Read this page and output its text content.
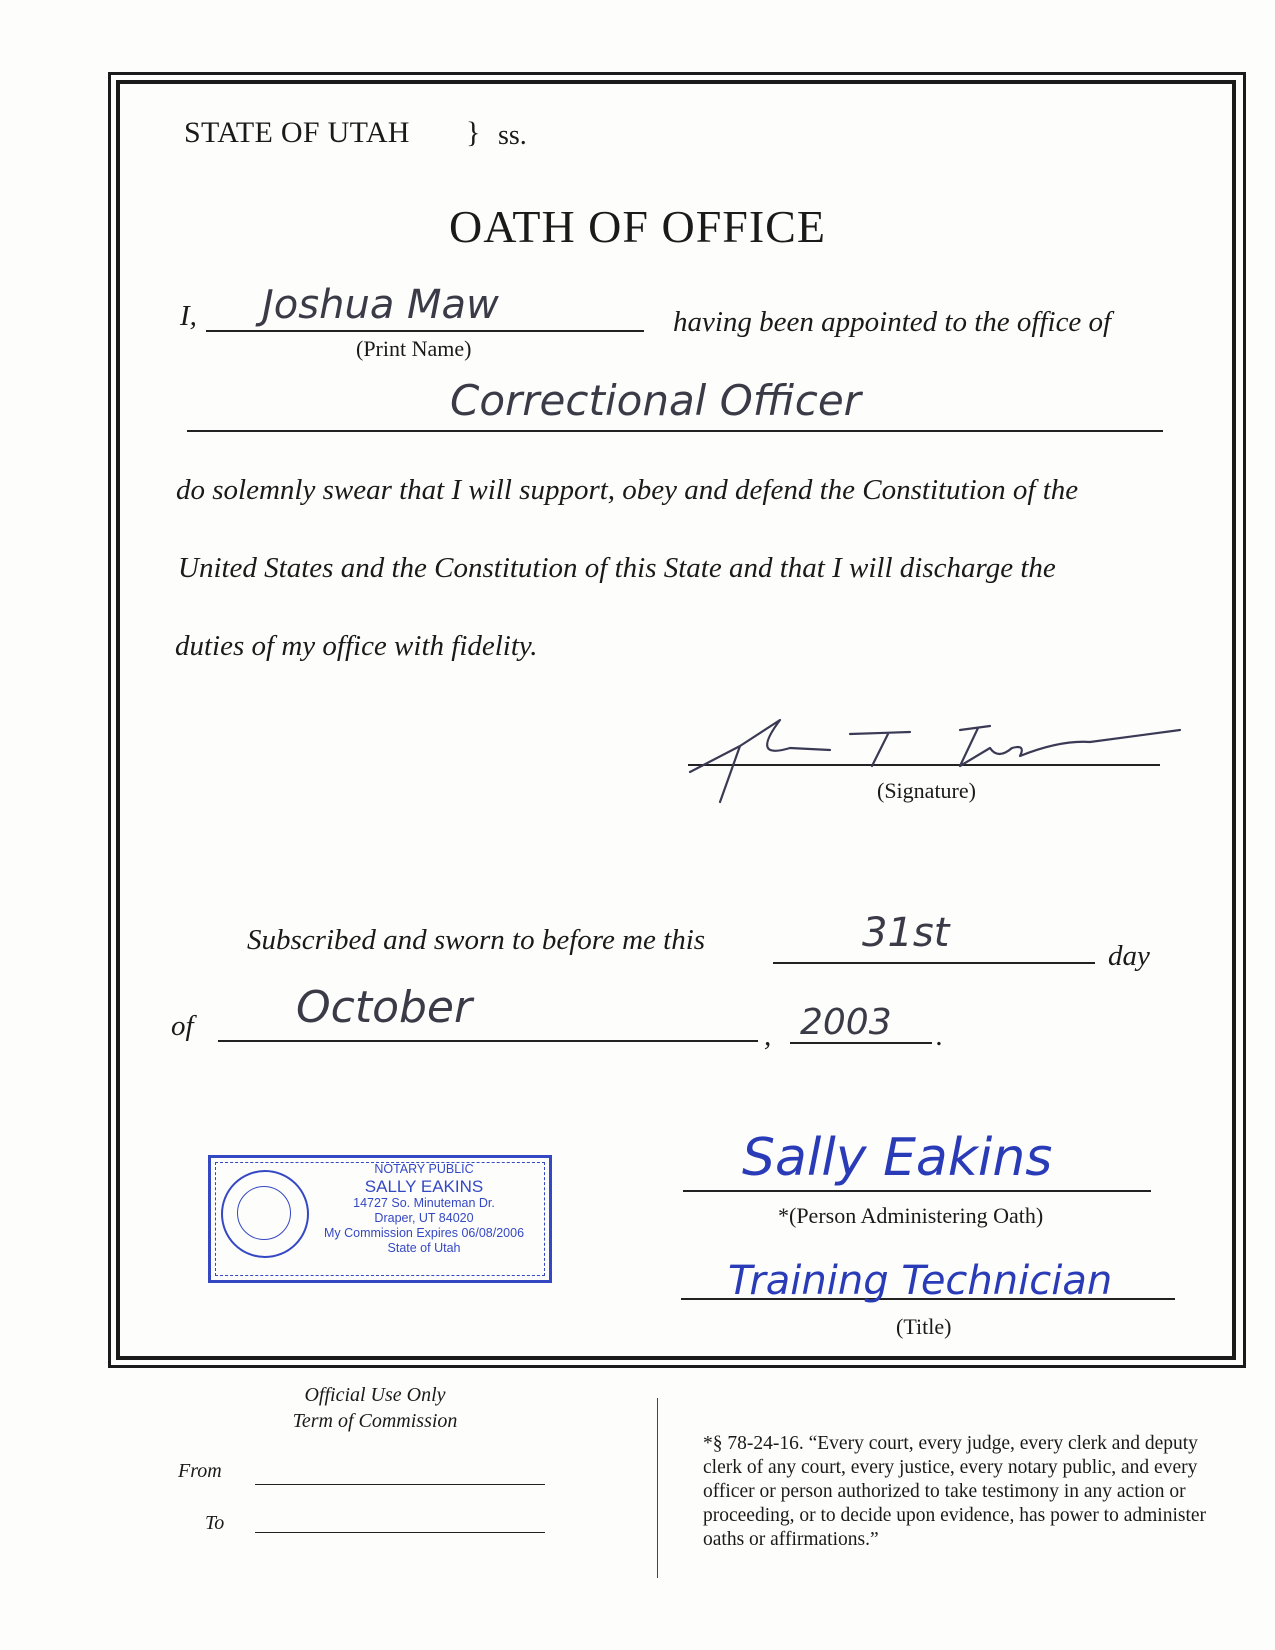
STATE OF UTAH } ss.
OATH OF OFFICE
I, Joshua Maw
(Print Name)
having been appointed to the office of
Correctional Officer
do solemnly swear that I will support, obey and defend the Constitution of the
United States and the Constitution of this State and that I will discharge the
duties of my office with fidelity.
(Signature)
Subscribed and sworn to before me this	31st	day
of October
, 2003 .
NOTARY PUBLIC
SALLY EAKINS
14727 So. Minuteman Dr.
Draper, UT 84020
My Commission Expires 06/08/2006
State of Utah
Sally Eakins
*(Person Administering Oath)
Training Technician
(Title)
Official Use Only
Term of Commission
From
To
*§ 78-24-16. “Every court, every judge, every clerk and deputy clerk of any court, every justice, every notary public, and every officer or person authorized to take testimony in any action or proceeding, or to decide upon evidence, has power to administer oaths or affirmations.”
